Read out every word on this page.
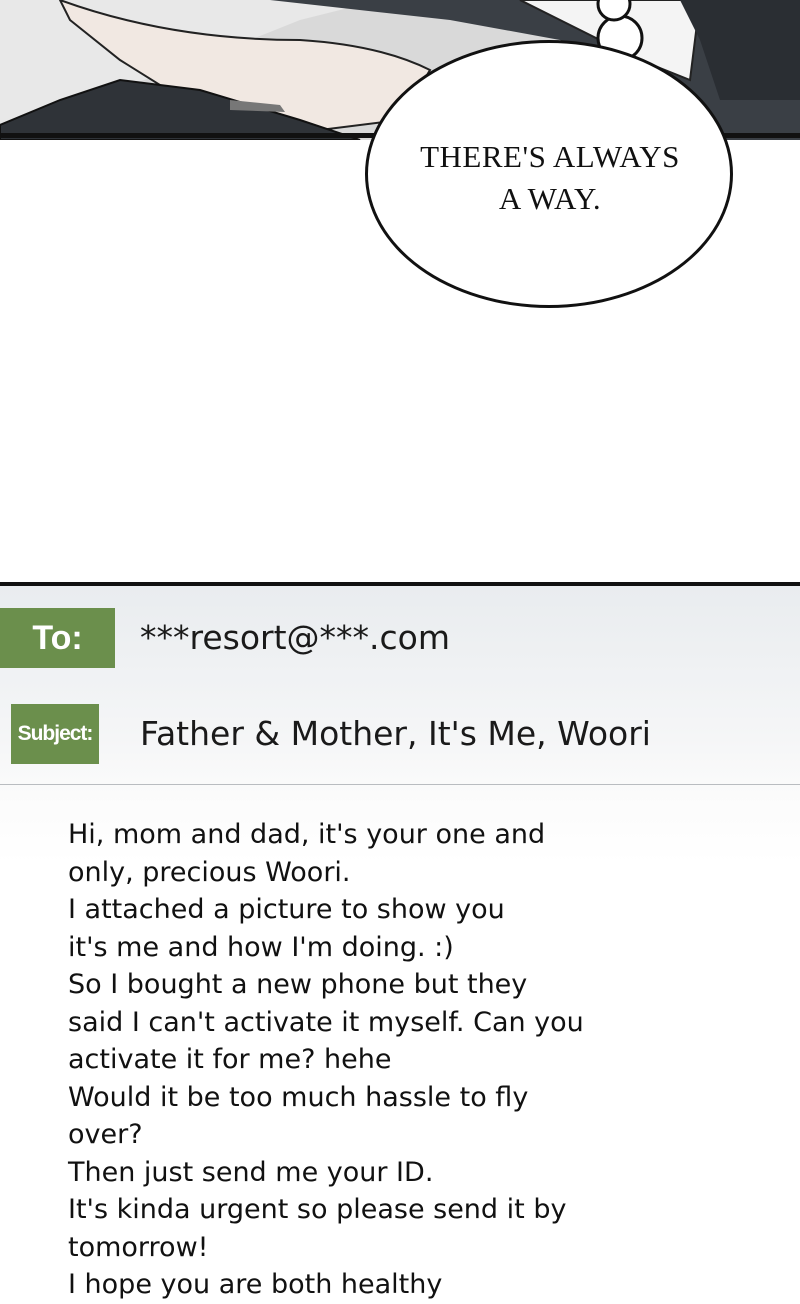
THERE'S ALWAYS
A WAY.
To:	***resort@***.com
Subject: Father & Mother, It's Me, Woori
Hi, mom and dad, it's your one and
only, precious Woori.
I attached a picture to show you
it's me and how I'm doing. :)
So I bought a new phone but they
said I can't activate it myself. Can you
activate it for me? hehe
Would it be too much hassle to fly
over?
Then just send me your ID.
It's kinda urgent so please send it by
tomorrow!
I hope you are both healthy
